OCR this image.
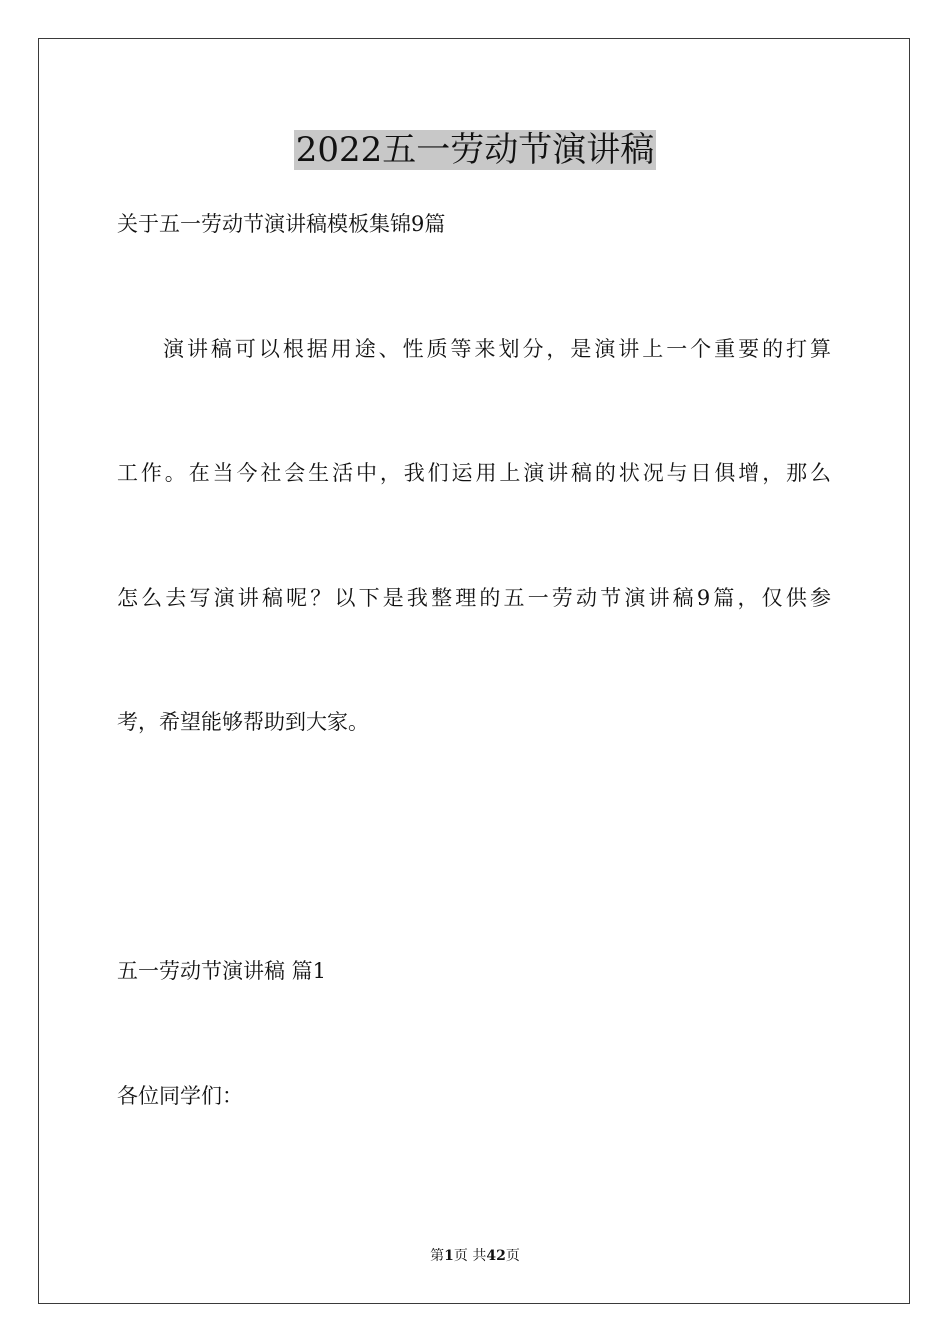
2022五一劳动节演讲稿

关于五一劳动节演讲稿模板集锦9篇

演讲稿可以根据用途、性质等来划分，是演讲上一个重要的打算

工作。在当今社会生活中，我们运用上演讲稿的状况与日俱增，那么

怎么去写演讲稿呢？以下是我整理的五一劳动节演讲稿9篇，仅供参

考，希望能够帮助到大家。

五一劳动节演讲稿 篇1

各位同学们：

第1页 共42页
